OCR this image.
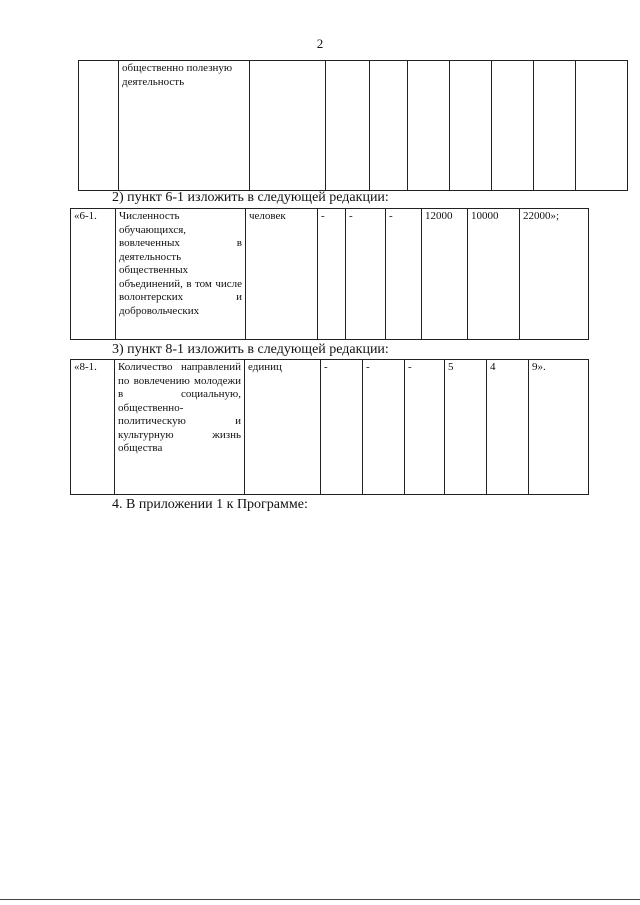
2
	общественно полезную деятельность								
2) пункт 6-1 изложить в следующей редакции:
«6-1.	Численность обучающихся, вовлеченных в деятельность общественных объединений, в том числе волонтерских и добровольческих	человек	-	-	-	12000	10000	22000»;
3) пункт 8-1 изложить в следующей редакции:
«8-1.	Количество направлений по вовлечению молодежи в социальную, общественно-политическую и культурную жизнь общества	единиц	-	-	-	5	4	9».
4. В приложении 1 к Программе:
